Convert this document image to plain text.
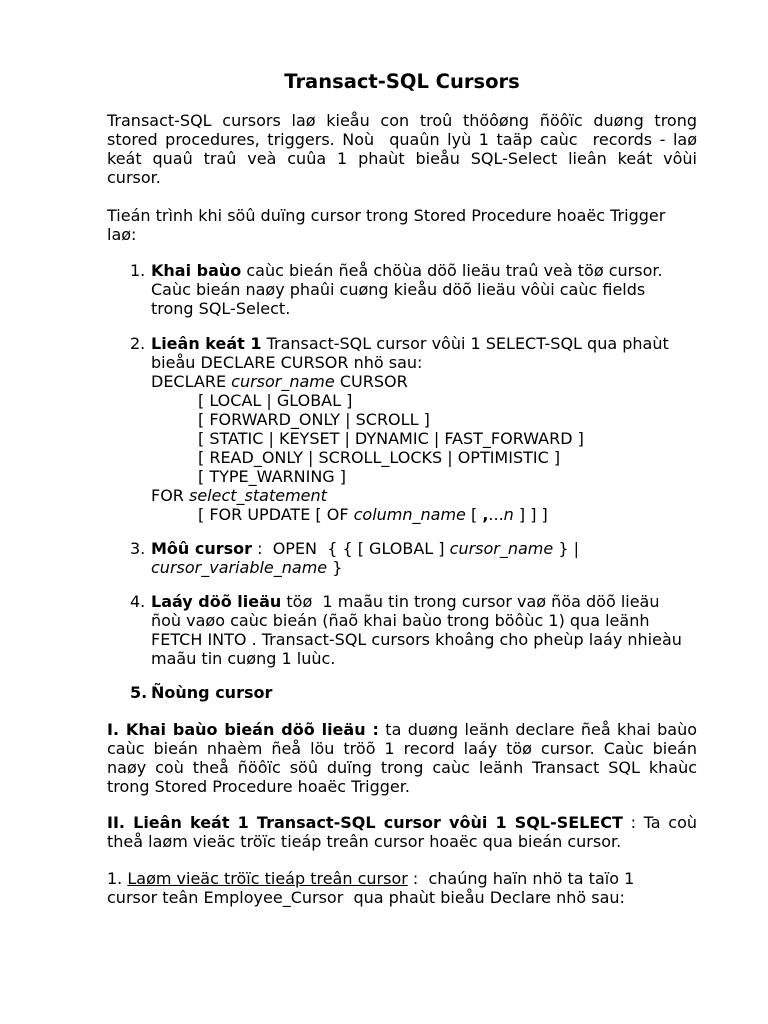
Transact-SQL Cursors
Transact-SQL cursors laø kieåu con troû thöôøng ñöôïc duøng trong
stored procedures, triggers. Noù  quaûn lyù 1 taäp caùc  records - laø
keát quaû traû veà cuûa 1 phaùt bieåu SQL-Select lieân keát vôùi
cursor.
Tieán trình khi söû duïng cursor trong Stored Procedure hoaëc Trigger
laø:
1. Khai baùo caùc bieán ñeå chöùa döõ lieäu traû veà töø cursor.
Caùc bieán naøy phaûi cuøng kieåu döõ lieäu vôùi caùc fields
trong SQL-Select.
2. Lieân keát 1 Transact-SQL cursor vôùi 1 SELECT-SQL qua phaùt
bieåu DECLARE CURSOR nhö sau:
DECLARE cursor_name CURSOR
[ LOCAL | GLOBAL ]
[ FORWARD_ONLY | SCROLL ]
[ STATIC | KEYSET | DYNAMIC | FAST_FORWARD ]
[ READ_ONLY | SCROLL_LOCKS | OPTIMISTIC ]
[ TYPE_WARNING ]
FOR select_statement
[ FOR UPDATE [ OF column_name [ ,...n ] ] ]
3. Môû cursor :  OPEN  { { [ GLOBAL ] cursor_name } |
cursor_variable_name }
4. Laáy döõ lieäu töø  1 maãu tin trong cursor vaø ñöa döõ lieäu
ñoù vaøo caùc bieán (ñaõ khai baùo trong böôùc 1) qua leänh
FETCH INTO . Transact-SQL cursors khoâng cho pheùp laáy nhieàu
maãu tin cuøng 1 luùc.
5. Ñoùng cursor
I. Khai baùo bieán döõ lieäu : ta duøng leänh declare ñeå khai baùo
caùc bieán nhaèm ñeå löu tröõ 1 record laáy töø cursor. Caùc bieán
naøy coù theå ñöôïc söû duïng trong caùc leänh Transact SQL khaùc
trong Stored Procedure hoaëc Trigger.
II. Lieân keát 1 Transact-SQL cursor vôùi 1 SQL-SELECT : Ta coù
theå laøm vieäc tröïc tieáp treân cursor hoaëc qua bieán cursor.
1. Laøm vieäc tröïc tieáp treân cursor :  chaúng haïn nhö ta taïo 1
cursor teân Employee_Cursor  qua phaùt bieåu Declare nhö sau:
